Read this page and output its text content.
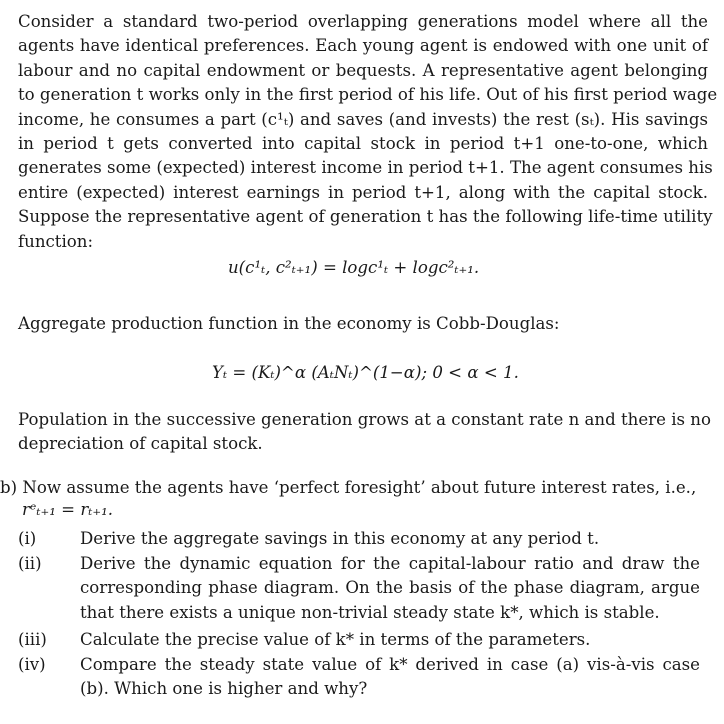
Consider a standard two-period overlapping generations model where all the
agents have identical preferences. Each young agent is endowed with one unit of
labour and no capital endowment or bequests. A representative agent belonging
to generation t works only in the first period of his life. Out of his first period wage
income, he consumes a part (c¹ₜ) and saves (and invests) the rest (sₜ). His savings
in period t gets converted into capital stock in period t+1 one-to-one, which
generates some (expected) interest income in period t+1. The agent consumes his
entire (expected) interest earnings in period t+1, along with the capital stock.
Suppose the representative agent of generation t has the following life-time utility
function:
u(c¹ₜ, c²ₜ₊₁) = logc¹ₜ + logc²ₜ₊₁.
Aggregate production function in the economy is Cobb-Douglas:
Yₜ = (Kₜ)^α (AₜNₜ)^(1−α); 0 < α < 1.
Population in the successive generation grows at a constant rate n and there is no
depreciation of capital stock.
b) Now assume the agents have ‘perfect foresight’ about future interest rates, i.e.,
rᵉₜ₊₁ = rₜ₊₁.
(i)	Derive the aggregate savings in this economy at any period t.
(ii) Derive the dynamic equation for the capital-labour ratio and draw the
corresponding phase diagram. On the basis of the phase diagram, argue
that there exists a unique non-trivial steady state k*, which is stable.
(iii) Calculate the precise value of k* in terms of the parameters.
(iv) Compare the steady state value of k* derived in case (a) vis-à-vis case
(b). Which one is higher and why?
